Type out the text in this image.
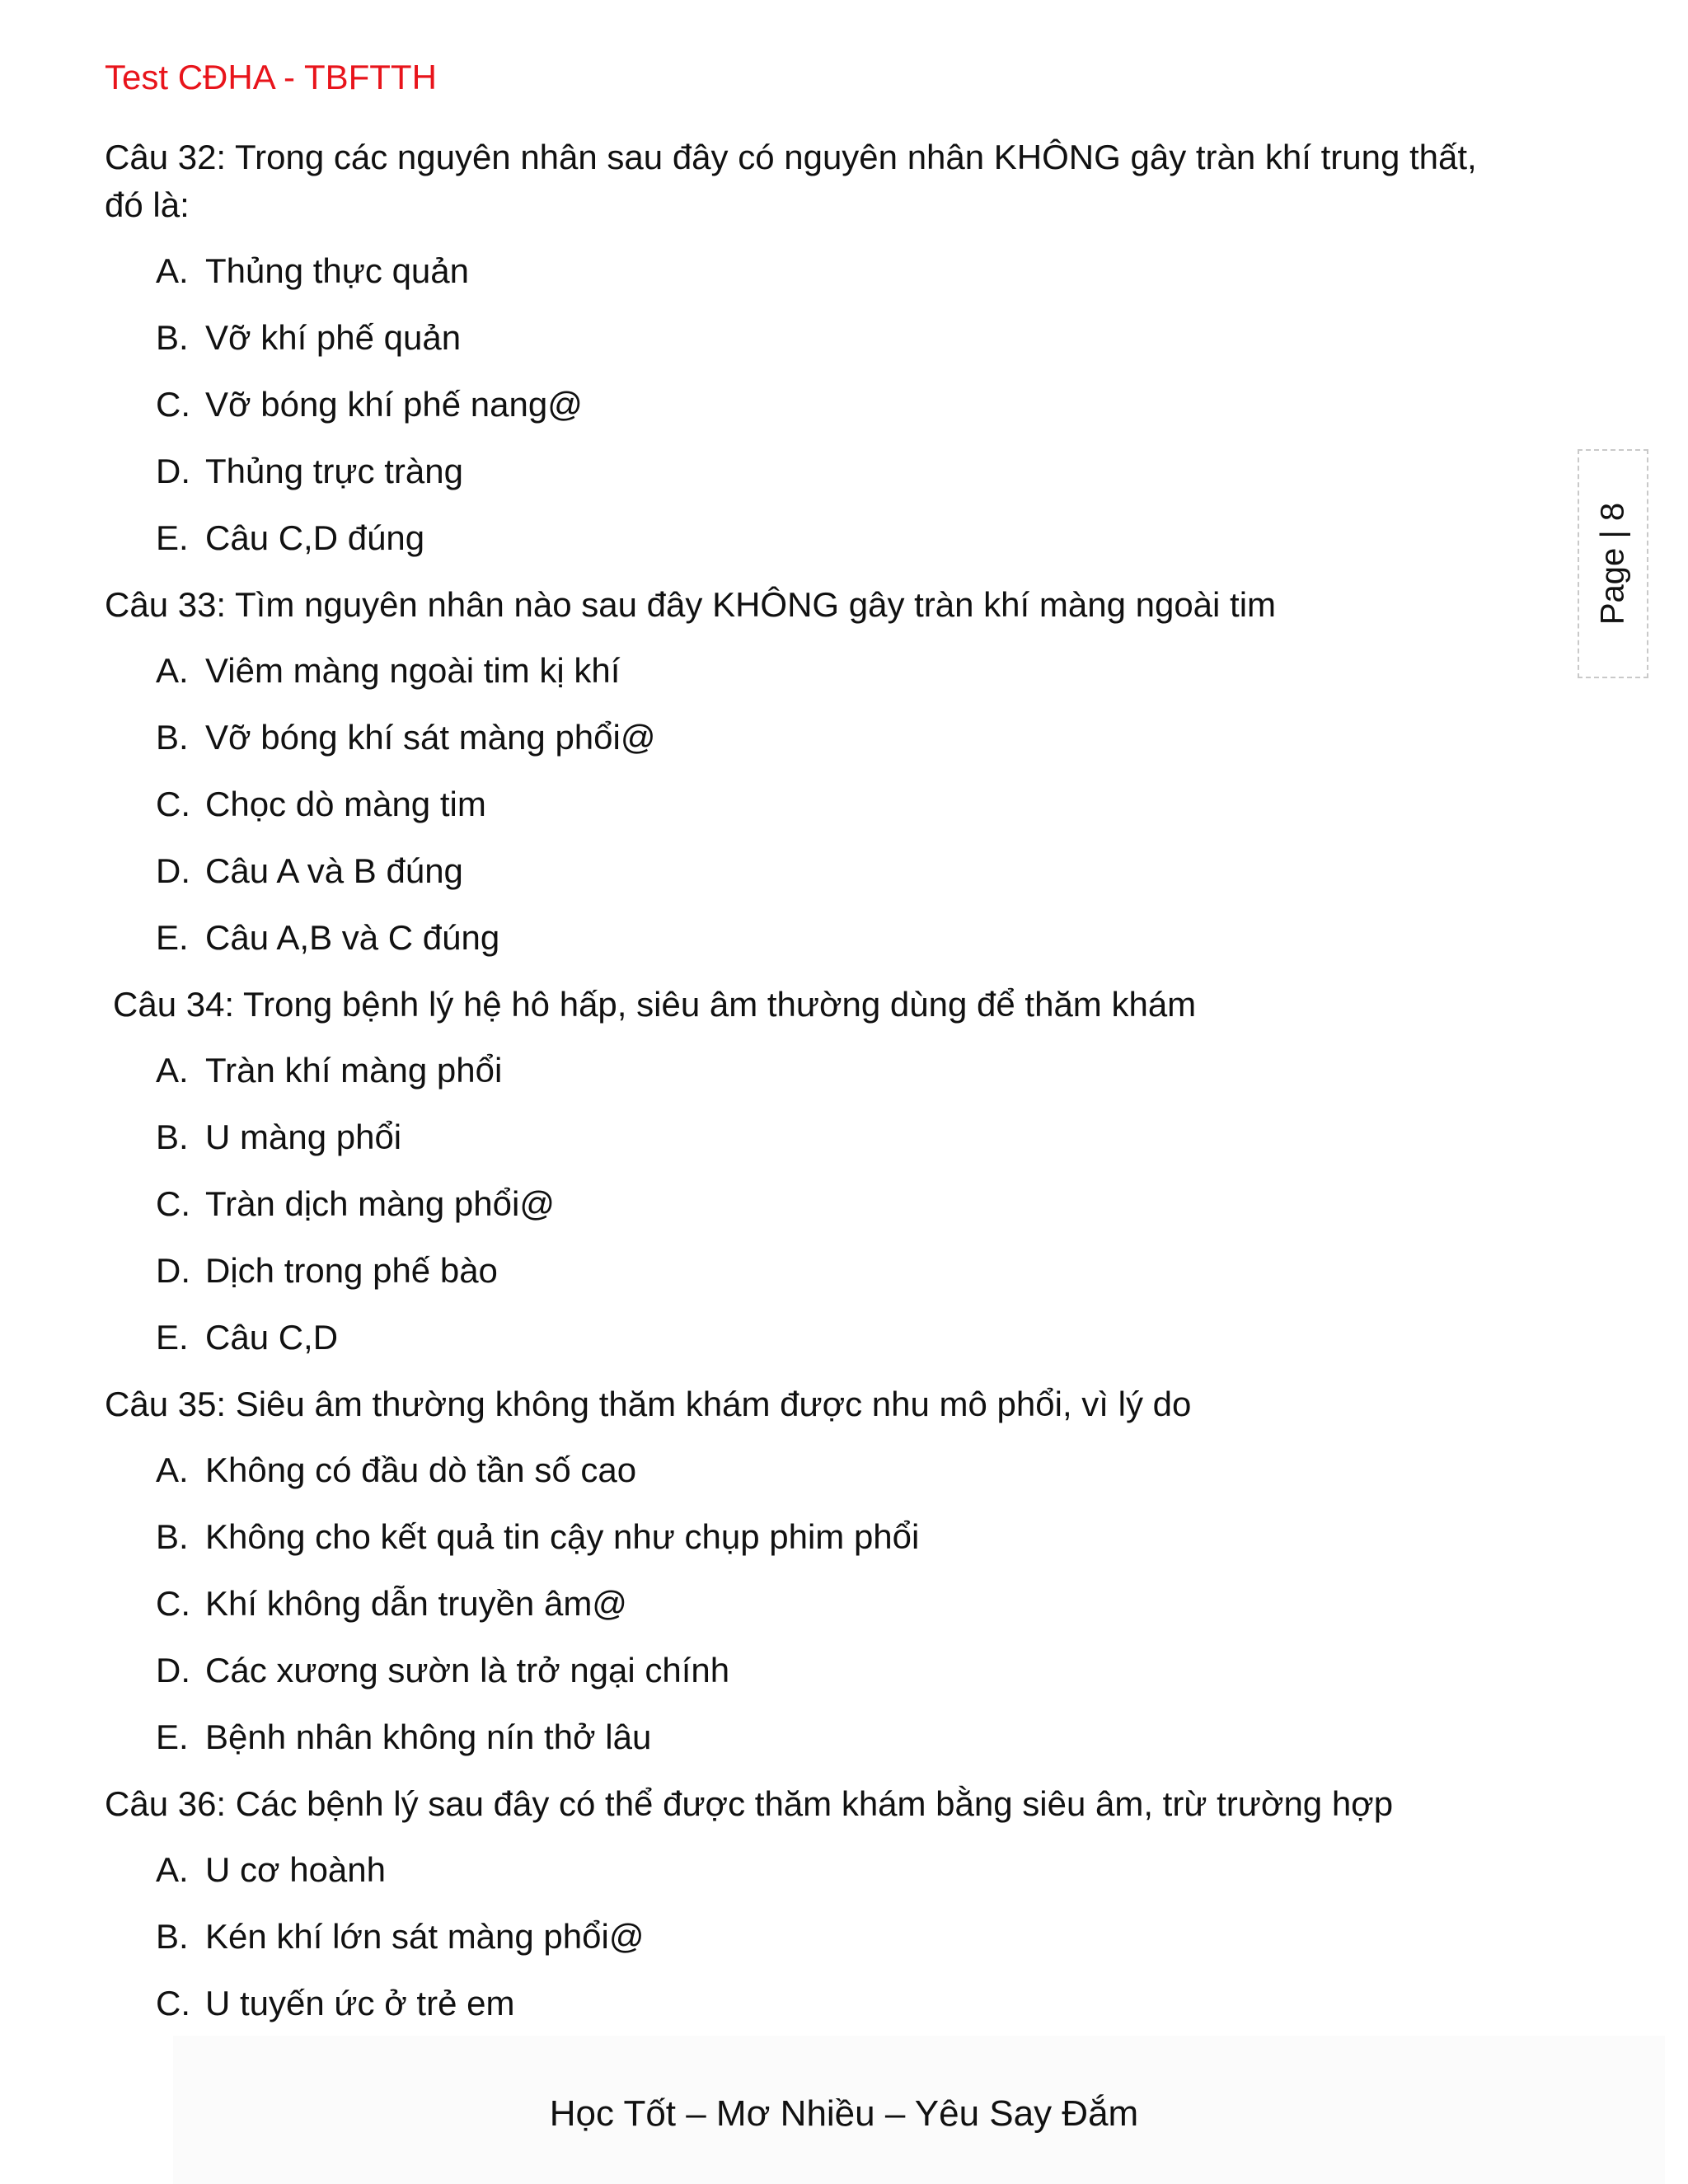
Test CĐHA - TBFTTH

Câu 32: Trong các nguyên nhân sau đây có nguyên nhân KHÔNG gây tràn khí trung thất, đó là:

A. Thủng thực quản
B. Vỡ khí phế quản
C. Vỡ bóng khí phế nang@
D. Thủng trực tràng
E. Câu C,D đúng

Câu 33: Tìm nguyên nhân nào sau đây KHÔNG gây tràn khí màng ngoài tim

A. Viêm màng ngoài tim kị khí
B. Vỡ bóng khí sát màng phổi@
C. Chọc dò màng tim
D. Câu A và B đúng
E. Câu A,B và C đúng

Câu 34: Trong bệnh lý hệ hô hấp, siêu âm thường dùng để thăm khám

A. Tràn khí màng phổi
B. U màng phổi
C. Tràn dịch màng phổi@
D. Dịch trong phế bào
E. Câu C,D

Câu 35: Siêu âm thường không thăm khám được nhu mô phổi, vì lý do

A. Không có đầu dò tần số cao
B. Không cho kết quả tin cậy như chụp phim phổi
C. Khí không dẫn truyền âm@
D. Các xương sườn là trở ngại chính
E. Bệnh nhân không nín thở lâu

Câu 36: Các bệnh lý sau đây có thể được thăm khám bằng siêu âm, trừ trường hợp

A. U cơ hoành
B. Kén khí lớn sát màng phổi@
C. U tuyến ức ở trẻ em
Page | 8
Học Tốt – Mơ Nhiều – Yêu Say Đắm
